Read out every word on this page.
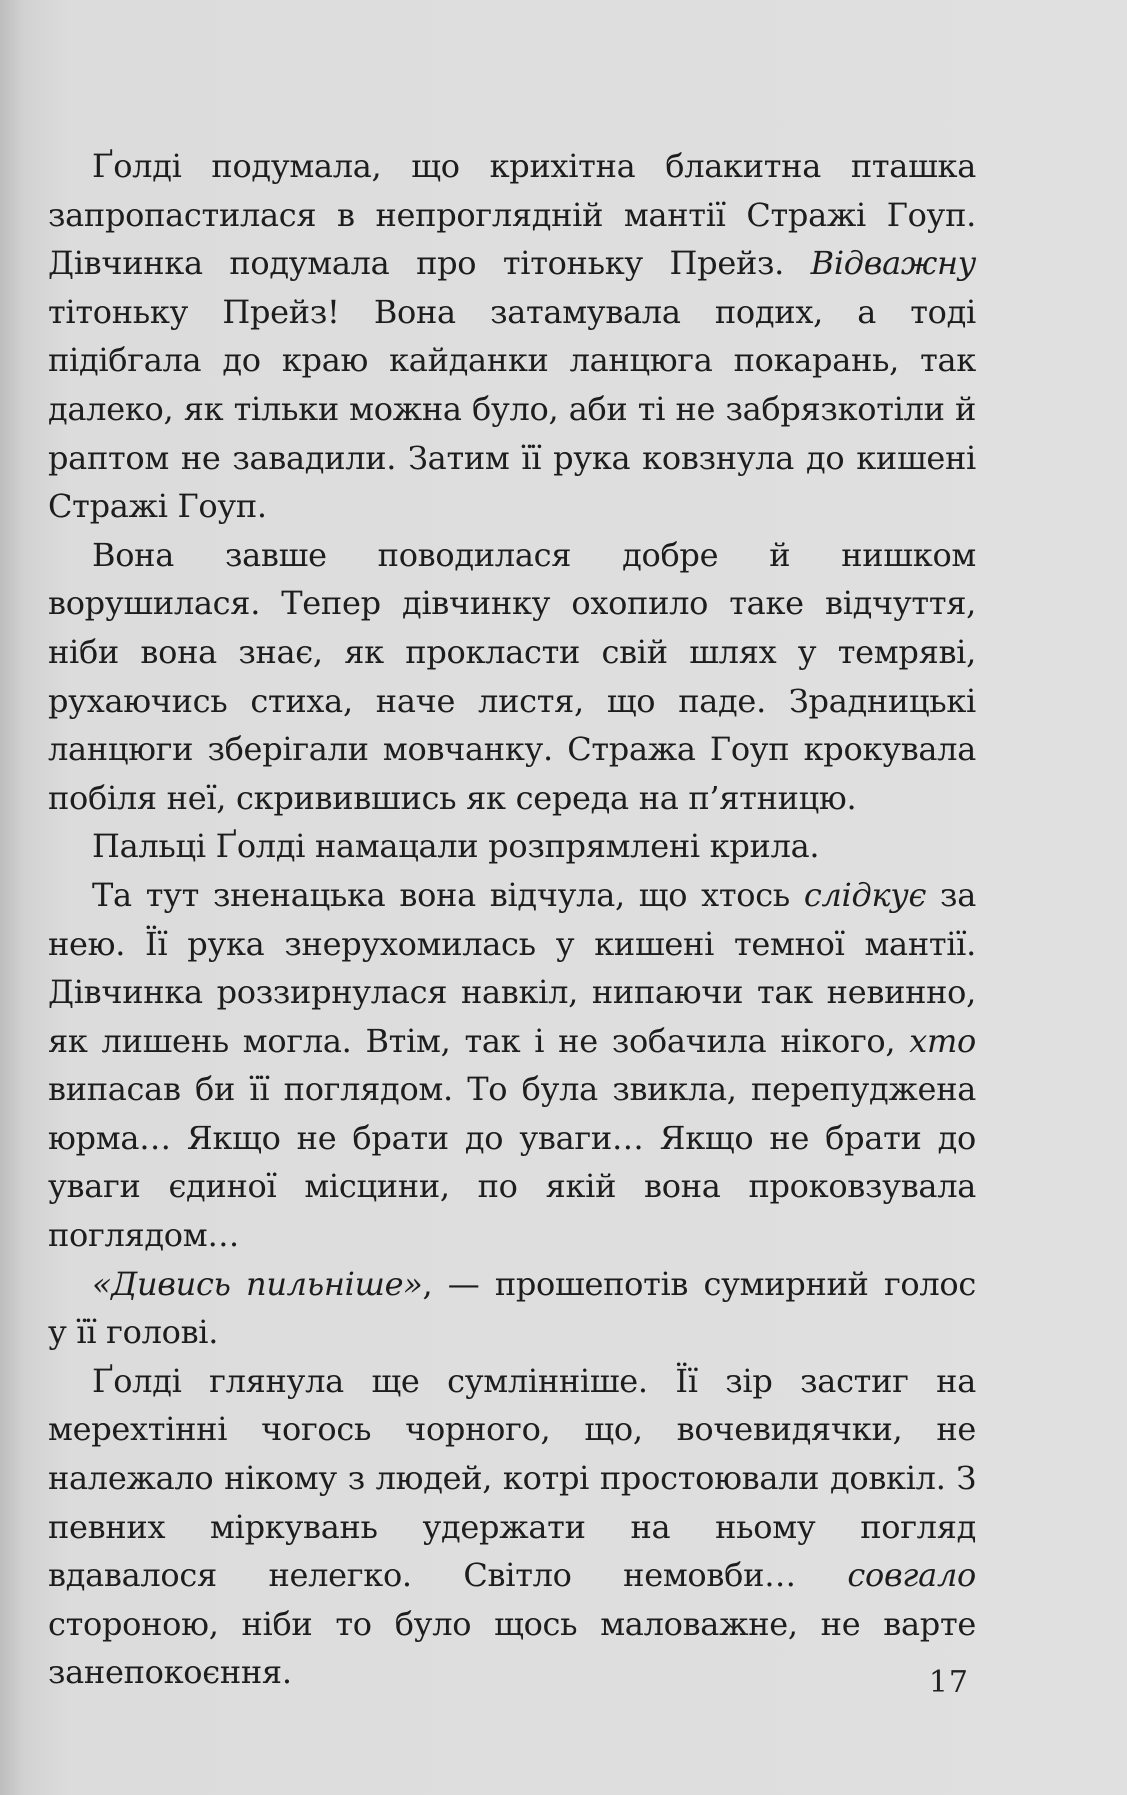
Ґолді подумала, що крихітна блакитна пташка запропастилася в непроглядній мантії Стражі Гоуп. Дівчинка подумала про тітоньку Прейз. Відважну тітоньку Прейз! Вона затамувала подих, а тоді підібгала до краю кайданки ланцюга покарань, так далеко, як тільки можна було, аби ті не забрязкотіли й раптом не завадили. Затим її рука ковзнула до кишені Стражі Гоуп.

Вона завше поводилася добре й нишком ворушилася. Тепер дівчинку охопило таке відчуття, ніби вона знає, як прокласти свій шлях у темряві, рухаючись стиха, наче листя, що паде. Зрадницькі ланцюги зберігали мовчанку. Стража Гоуп крокувала побіля неї, скривившись як середа на п’ятницю.

Пальці Ґолді намацали розпрямлені крила.

Та тут зненацька вона відчула, що хтось слідкує за нею. Її рука знерухомилась у кишені темної мантії. Дівчинка роззирнулася навкіл, нипаючи так невинно, як лишень могла. Втім, так і не зобачила нікого, хто випасав би її поглядом. То була звикла, перепуджена юрма… Якщо не брати до уваги… Якщо не брати до уваги єдиної місцини, по якій вона проковзувала поглядом…

«Дивись пильніше», — прошепотів сумирний голос у її голові.

Ґолді глянула ще сумлінніше. Її зір застиг на мерехтінні чогось чорного, що, вочевидячки, не належало нікому з людей, котрі простоювали довкіл. З певних міркувань удержати на ньому погляд вдавалося нелегко. Світло немовби… совгало стороною, ніби то було щось маловажне, не варте занепокоєння.	17
